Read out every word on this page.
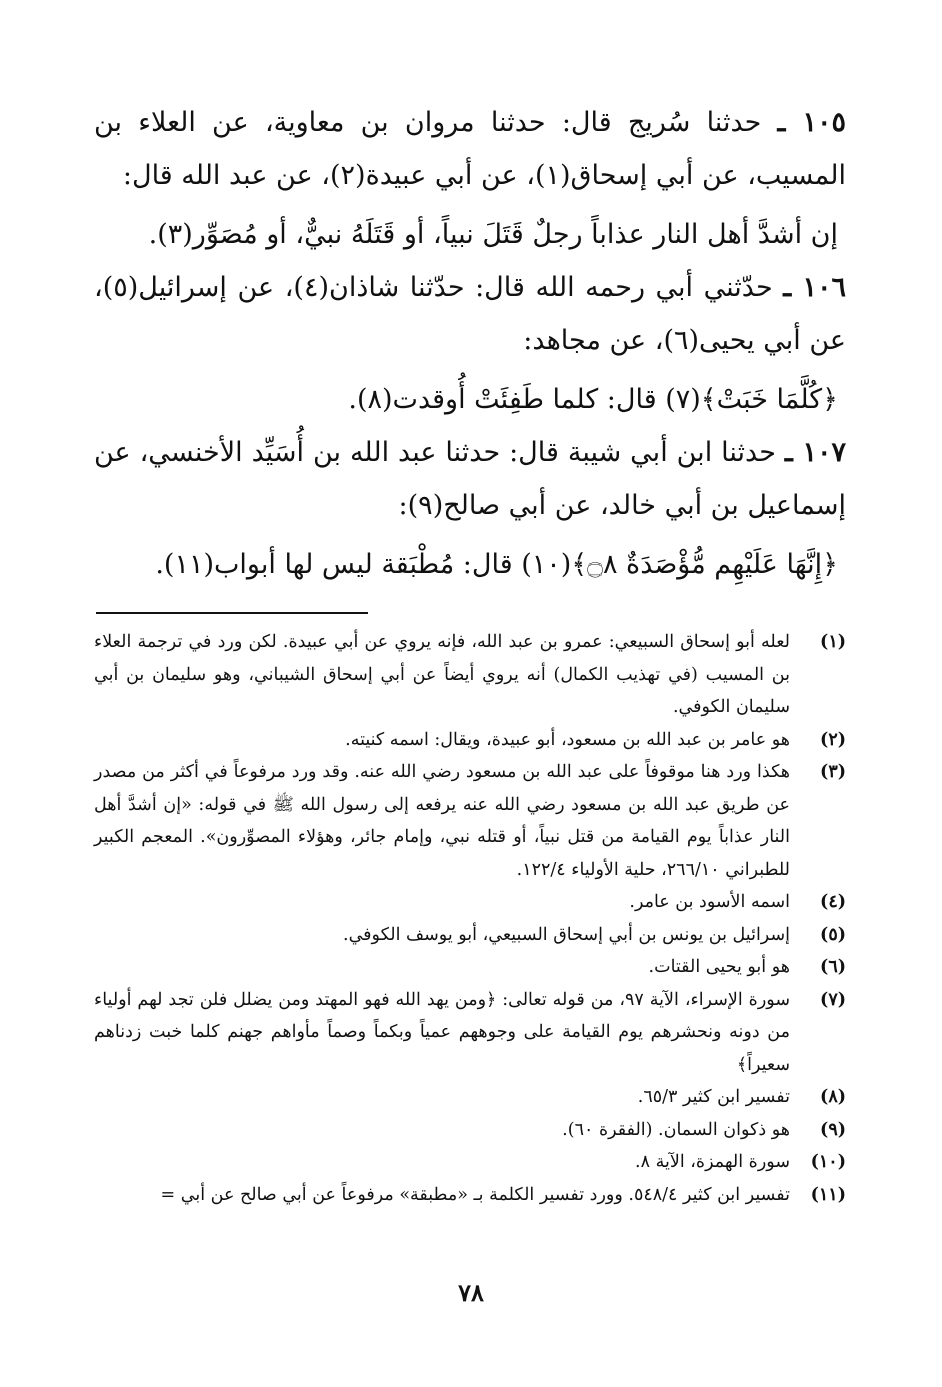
١٠٥ ـ حدثنا سُريج قال: حدثنا مروان بن معاوية، عن العلاء بن المسيب، عن أبي إسحاق(١)، عن أبي عبيدة(٢)، عن عبد الله قال:

إن أشدَّ أهل النار عذاباً رجلٌ قَتَلَ نبياً، أو قَتَلَهُ نبيٌّ، أو مُصَوِّر(٣).

١٠٦ ـ حدّثني أبي رحمه الله قال: حدّثنا شاذان(٤)، عن إسرائيل(٥)، عن أبي يحيى(٦)، عن مجاهد:

﴿كُلَّمَا خَبَتْ﴾(٧) قال: كلما طَفِئَتْ أُوقدت(٨).

١٠٧ ـ حدثنا ابن أبي شيبة قال: حدثنا عبد الله بن أُسَيِّد الأخنسي، عن إسماعيل بن أبي خالد، عن أبي صالح(٩):

﴿إِنَّهَا عَلَيْهِم مُّؤْصَدَةٌ ۝٨﴾(١٠) قال: مُطْبَقة ليس لها أبواب(١١).

(١)
لعله أبو إسحاق السبيعي: عمرو بن عبد الله، فإنه يروي عن أبي عبيدة. لكن ورد في ترجمة العلاء بن المسيب (في تهذيب الكمال) أنه يروي أيضاً عن أبي إسحاق الشيباني، وهو سليمان بن أبي سليمان الكوفي.
(٢)
هو عامر بن عبد الله بن مسعود، أبو عبيدة، ويقال: اسمه كنيته.
(٣)
هكذا ورد هنا موقوفاً على عبد الله بن مسعود رضي الله عنه. وقد ورد مرفوعاً في أكثر من مصدر عن طريق عبد الله بن مسعود رضي الله عنه يرفعه إلى رسول الله ﷺ في قوله: «إن أشدَّ أهل النار عذاباً يوم القيامة من قتل نبياً، أو قتله نبي، وإمام جائر، وهؤلاء المصوِّرون». المعجم الكبير للطبراني ٢٦٦/١٠، حلية الأولياء ١٢٢/٤.
(٤)
اسمه الأسود بن عامر.
(٥)
إسرائيل بن يونس بن أبي إسحاق السبيعي، أبو يوسف الكوفي.
(٦)
هو أبو يحيى القتات.
(٧)
سورة الإسراء، الآية ٩٧، من قوله تعالى: ﴿ومن يهد الله فهو المهتد ومن يضلل فلن تجد لهم أولياء من دونه ونحشرهم يوم القيامة على وجوههم عمياً وبكماً وصماً مأواهم جهنم كلما خبت زدناهم سعيراً﴾
(٨)
تفسير ابن كثير ٦٥/٣.
(٩)
هو ذكوان السمان. (الفقرة ٦٠).
(١٠)
سورة الهمزة، الآية ٨.
(١١)
تفسير ابن كثير ٥٤٨/٤. وورد تفسير الكلمة بـ «مطبقة» مرفوعاً عن أبي صالح عن أبي =
٧٨
